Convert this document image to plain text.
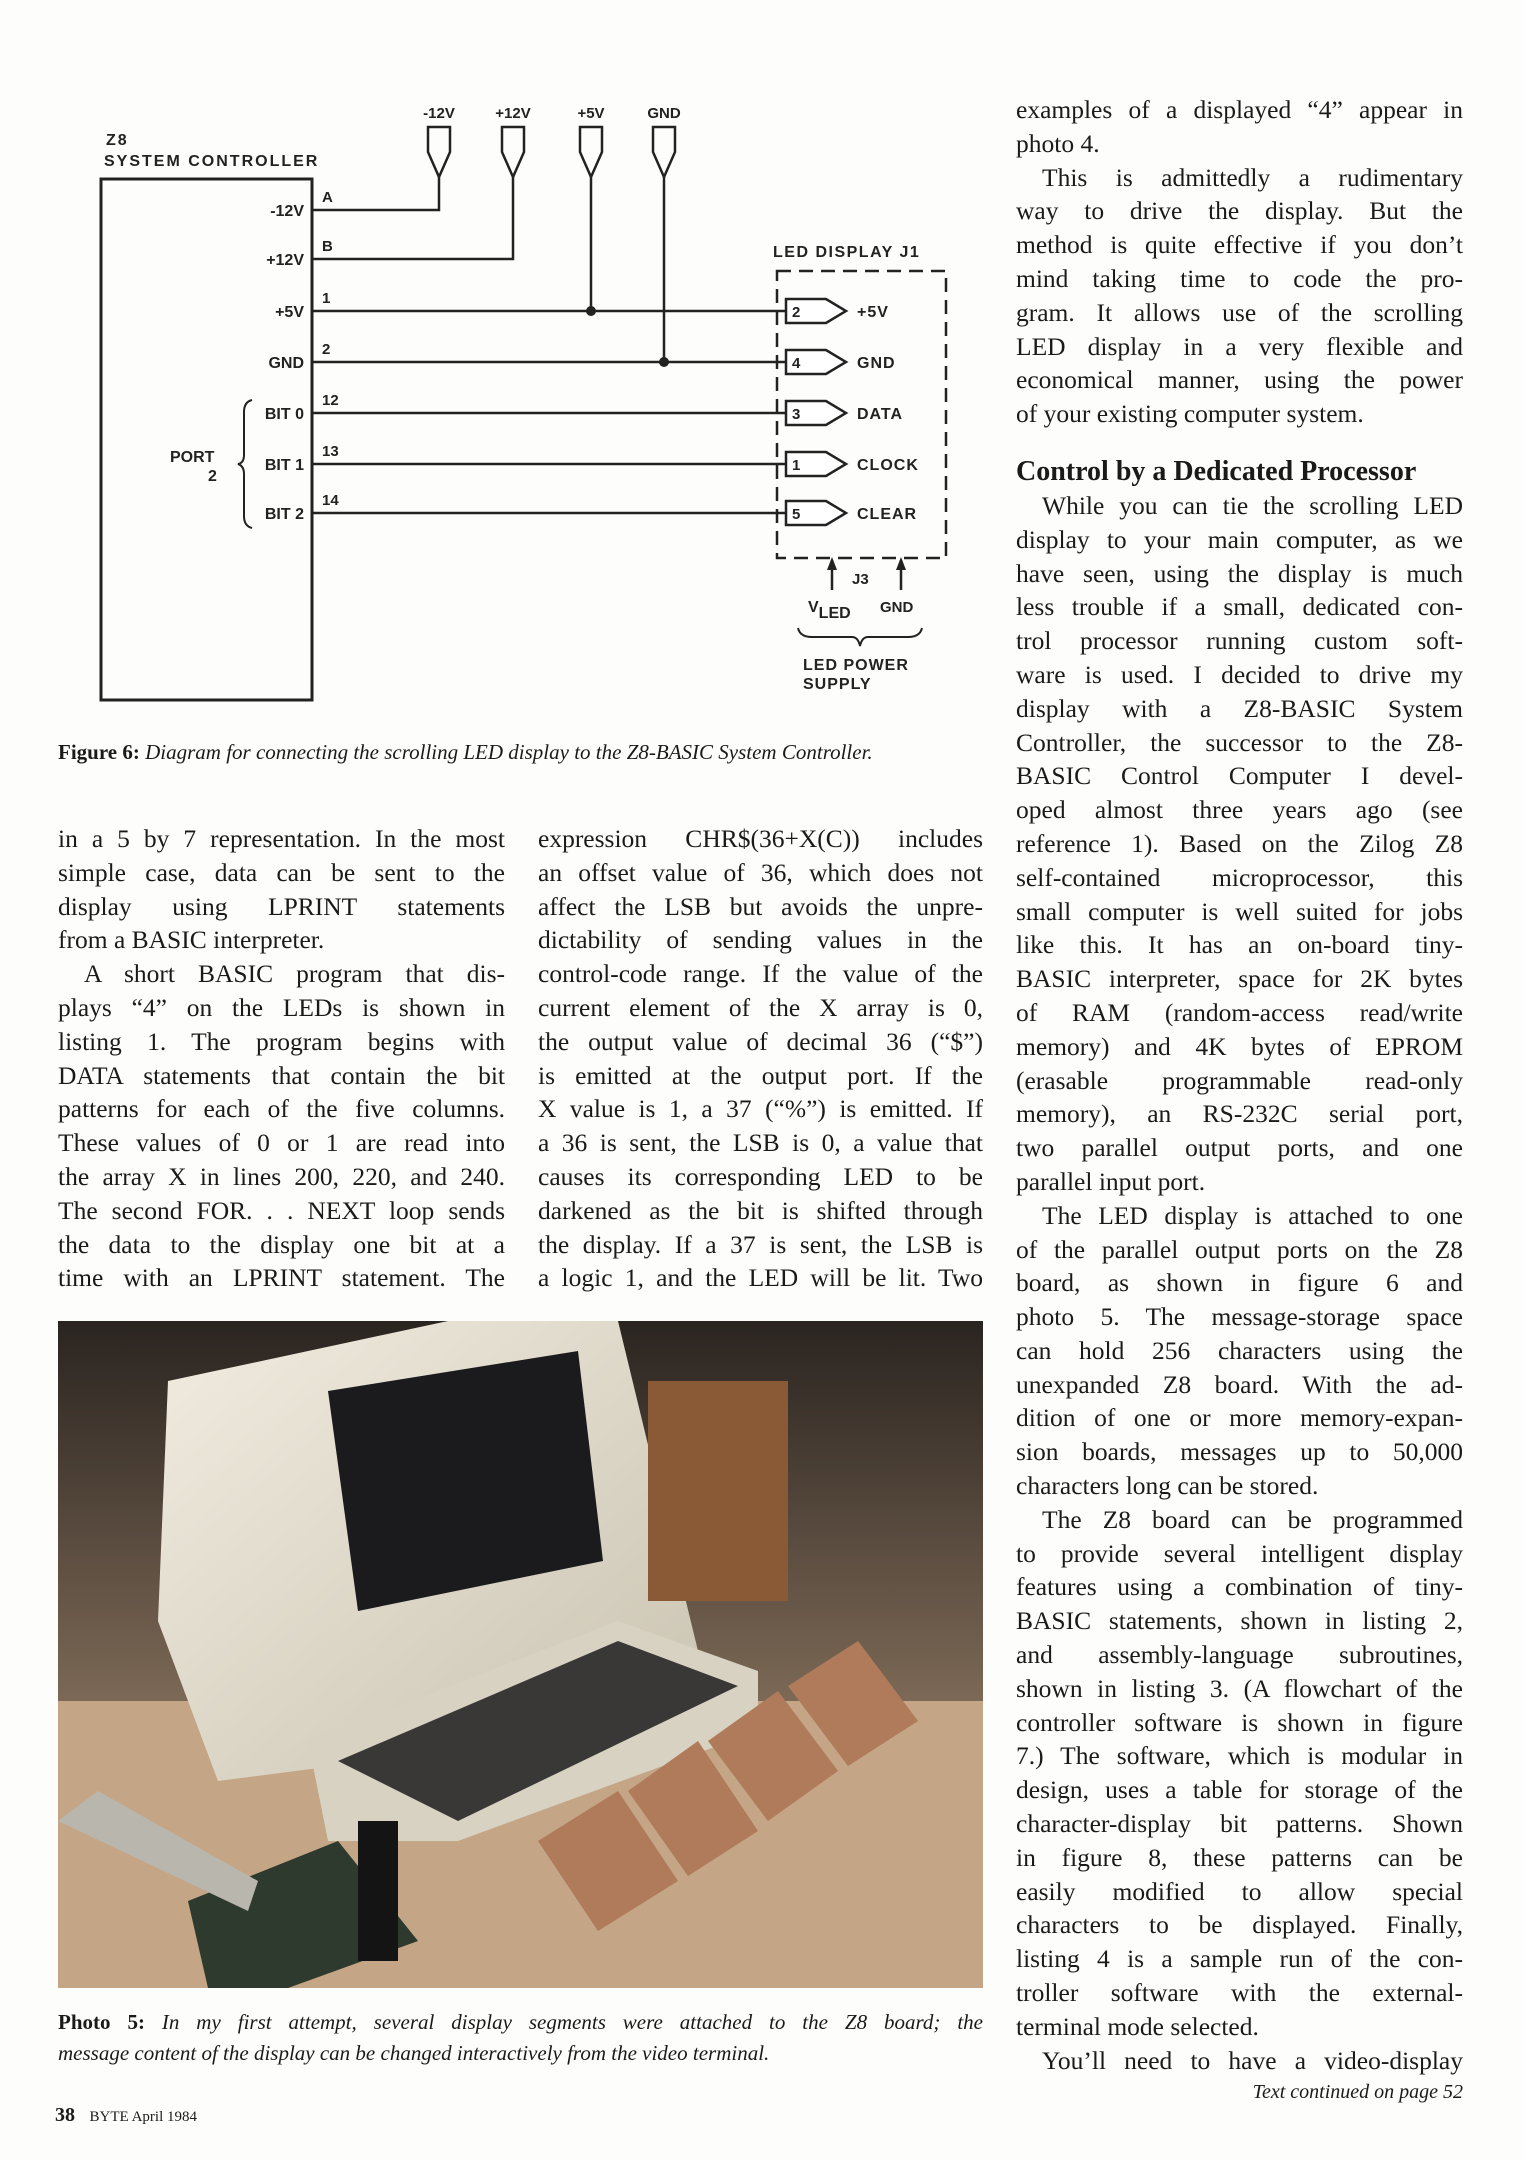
Z8
SYSTEM CONTROLLER
-12V	+12V	+5V	GND
-12V
A
+12V
B
+5V
1
GND
2
BIT 0
12
BIT 1
13
BIT 2
14
PORT
2
LED DISPLAY J1
2	+5V
4	GND
3	DATA
1	CLOCK
5	CLEAR
J3
VLED GND
LED POWER
SUPPLY
Figure 6: Diagram for connecting the scrolling LED display to the Z8-BASIC System Controller.
in a 5 by 7 representation. In the most
simple case, data can be sent to the
display using LPRINT statements
from a BASIC interpreter.
A short BASIC program that dis-
plays “4” on the LEDs is shown in
listing 1. The program begins with
DATA statements that contain the bit
patterns for each of the five columns.
These values of 0 or 1 are read into
the array X in lines 200, 220, and 240.
The second FOR. . . NEXT loop sends
the data to the display one bit at a
time with an LPRINT statement. The
expression CHR$(36+X(C)) includes
an offset value of 36, which does not
affect the LSB but avoids the unpre-
dictability of sending values in the
control-code range. If the value of the
current element of the X array is 0,
the output value of decimal 36 (“$”)
is emitted at the output port. If the
X value is 1, a 37 (“%”) is emitted. If
a 36 is sent, the LSB is 0, a value that
causes its corresponding LED to be
darkened as the bit is shifted through
the display. If a 37 is sent, the LSB is
a logic 1, and the LED will be lit. Two
examples of a displayed “4” appear in
photo 4.
This is admittedly a rudimentary
way to drive the display. But the
method is quite effective if you don’t
mind taking time to code the pro-
gram. It allows use of the scrolling
LED display in a very flexible and
economical manner, using the power
of your existing computer system.
Control by a Dedicated Processor
While you can tie the scrolling LED
display to your main computer, as we
have seen, using the display is much
less trouble if a small, dedicated con-
trol processor running custom soft-
ware is used. I decided to drive my
display with a Z8-BASIC System
Controller, the successor to the Z8-
BASIC Control Computer I devel-
oped almost three years ago (see
reference 1). Based on the Zilog Z8
self-contained microprocessor, this
small computer is well suited for jobs
like this. It has an on-board tiny-
BASIC interpreter, space for 2K bytes
of RAM (random-access read/write
memory) and 4K bytes of EPROM
(erasable programmable read-only
memory), an RS-232C serial port,
two parallel output ports, and one
parallel input port.
The LED display is attached to one
of the parallel output ports on the Z8
board, as shown in figure 6 and
photo 5. The message-storage space
can hold 256 characters using the
unexpanded Z8 board. With the ad-
dition of one or more memory-expan-
sion boards, messages up to 50,000
characters long can be stored.
The Z8 board can be programmed
to provide several intelligent display
features using a combination of tiny-
BASIC statements, shown in listing 2,
and assembly-language subroutines,
shown in listing 3. (A flowchart of the
controller software is shown in figure
7.) The software, which is modular in
design, uses a table for storage of the
character-display bit patterns. Shown
in figure 8, these patterns can be
easily modified to allow special
characters to be displayed. Finally,
listing 4 is a sample run of the con-
troller software with the external-
terminal mode selected.
You’ll need to have a video-display
Text continued on page 52
Photo 5: In my first attempt, several display segments were attached to the Z8 board; the
message content of the display can be changed interactively from the video terminal.
38 BYTE April 1984
